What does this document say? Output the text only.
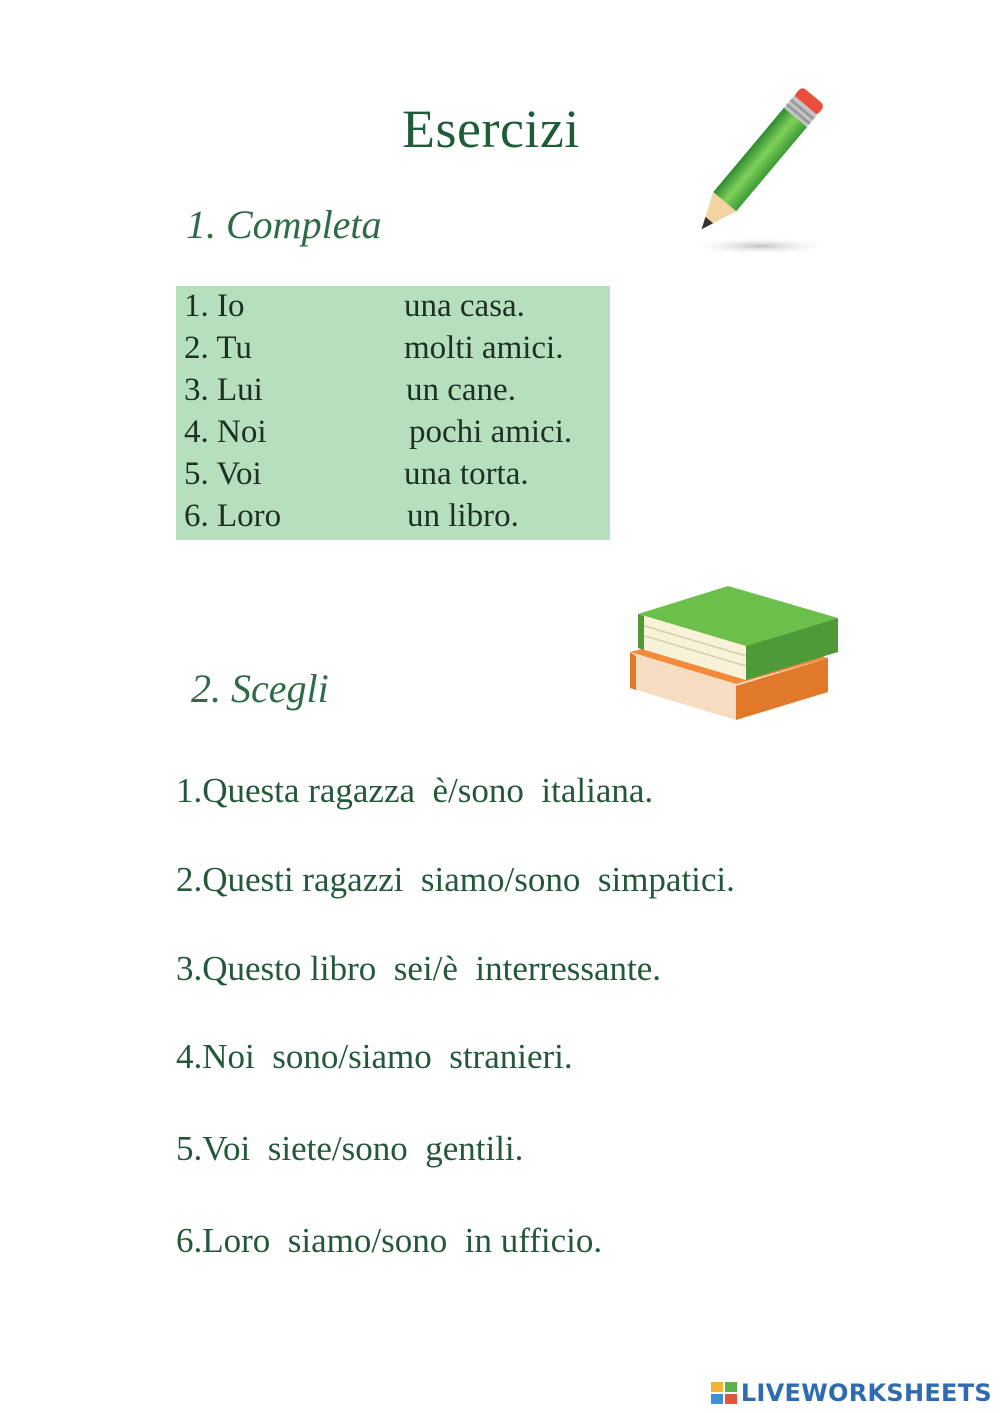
Esercizi
1. Completa
1. Io	una casa.
2. Tu	molti amici.
3. Lui	un cane.
4. Noi	pochi amici.
5. Voi	una torta.
6. Loro	un libro.
2. Scegli
1.Questa ragazza  è/sono  italiana.
2.Questi ragazzi  siamo/sono  simpatici.
3.Questo libro  sei/è  interressante.
4.Noi  sono/siamo  stranieri.
5.Voi  siete/sono  gentili.
6.Loro  siamo/sono  in ufficio.
LIVEWORKSHEETS
